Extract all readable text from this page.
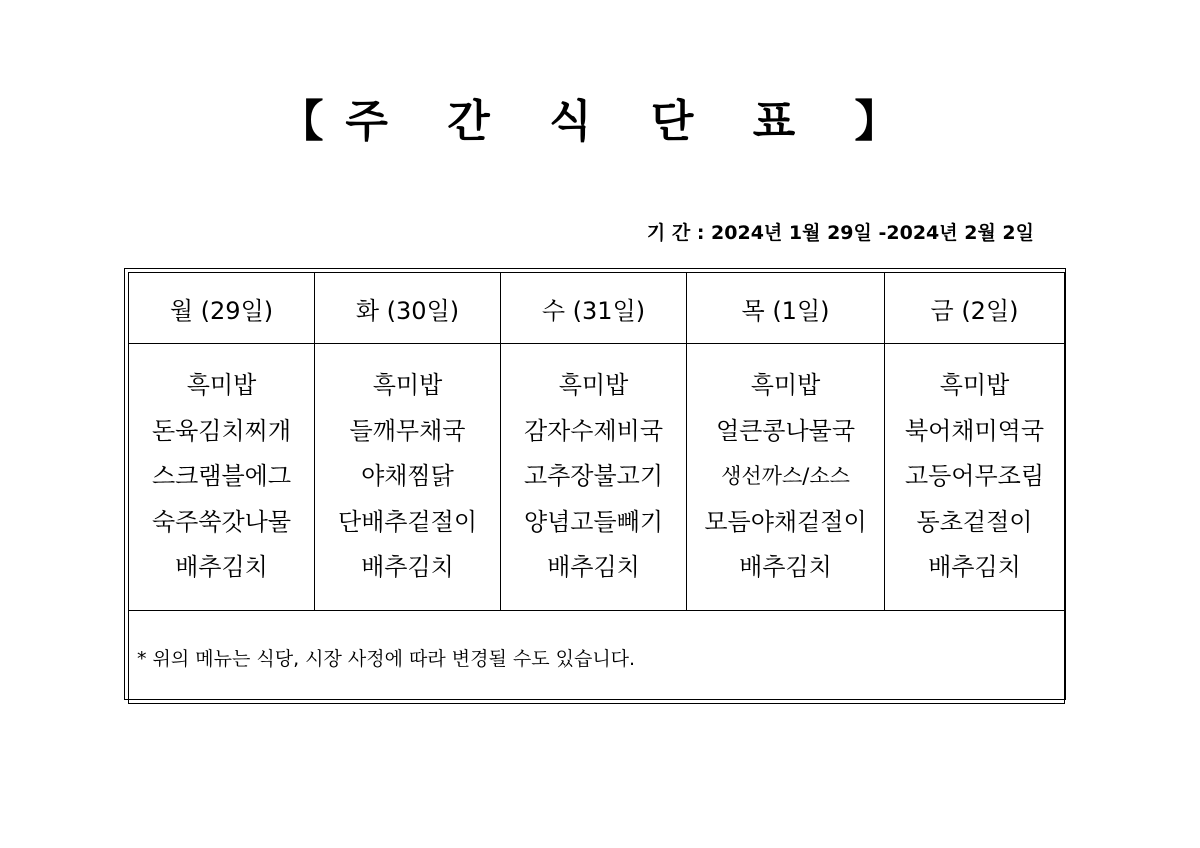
【주 간 식 단 표 】
기 간 : 2024년 1월 29일 -2024년 2월 2일
월 (29일)	화 (30일)	수 (31일)	목 (1일)	금 (2일)

흑미밥
돈육김치찌개
스크램블에그
숙주쑥갓나물
배추김치	흑미밥
들깨무채국
야채찜닭
단배추겉절이
배추김치	흑미밥
감자수제비국
고추장불고기
양념고들빼기
배추김치	흑미밥
얼큰콩나물국
생선까스/소스
모듬야채겉절이
배추김치	흑미밥
북어채미역국
고등어무조림
동초겉절이
배추김치

* 위의 메뉴는 식당, 시장 사정에 따라 변경될 수도 있습니다.				
